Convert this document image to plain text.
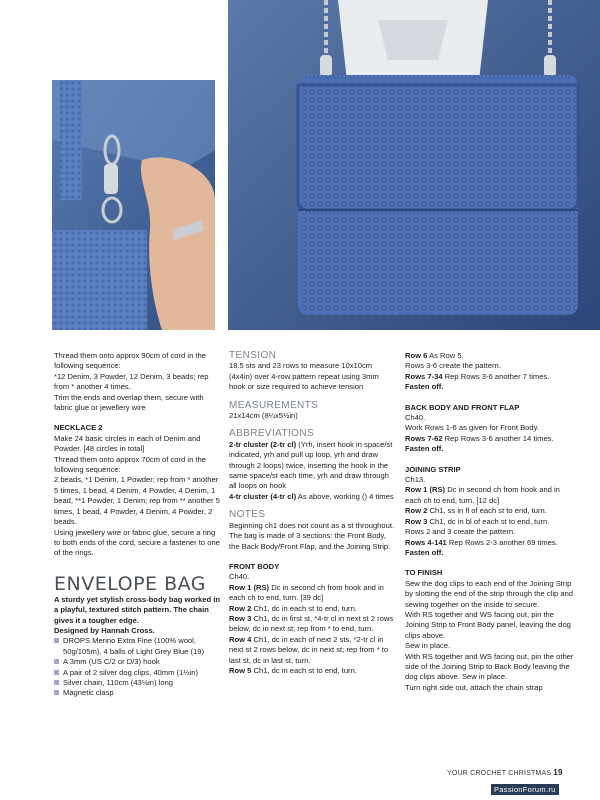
Thread them onto approx 90cm of cord in the following sequence:

*12 Denim, 3 Powder, 12 Denim, 3 beads; rep from * another 4 times.

Trim the ends and overlap them, secure with fabric glue or jewellery wire

NECKLACE 2

Make 24 basic circles in each of Denim and Powder. [48 circles in total]

Thread them onto approx 70cm of cord in the following sequence:

2 beads, *1 Denim, 1 Powder; rep from * another 5 times, 1 bead, 4 Denim, 4 Powder, 4 Denim, 1 bead, **1 Powder, 1 Denim; rep from ** another 5 times, 1 bead, 4 Powder, 4 Denim, 4 Powder, 2 beads.

Using jewellery wire or fabric glue, secure a ring to both ends of the cord, secure a fastener to one of the rings.

ENVELOPE BAG

A sturdy yet stylish cross-body bag worked in a playful, textured stitch pattern. The chain gives it a tougher edge.

Designed by Hannah Cross.

DROPS Merino Extra Fine (100% wool, 50g/105m), 4 balls of Light Grey Blue (19)

A 3mm (US C/2 or D/3) hook

A pair of 2 silver dog clips, 40mm (1½in)

Silver chain, 110cm (43½in) long

Magnetic clasp

TENSION

18.5 sts and 23 rows to measure 10x10cm (4x4in) over 4-row pattern repeat using 3mm hook or size required to achieve tension

MEASUREMENTS

21x14cm (8¼x5½in)

ABBREVIATIONS

2-tr cluster (2-tr cl) (Yrh, insert hook in space/st indicated, yrh and pull up loop, yrh and draw through 2 loops) twice, inserting the hook in the same space/st each time, yrh and draw through all loops on hook

4-tr cluster (4-tr cl) As above, working () 4 times

NOTES

Beginning ch1 does not count as a st throughout.

The bag is made of 3 sections: the Front Body, the Back Body/Front Flap, and the Joining Strip.

FRONT BODY

Ch40.

Row 1 (RS) Dc in second ch from hook and in each ch to end, turn. [39 dc]

Row 2 Ch1, dc in each st to end, turn.

Row 3 Ch1, dc in first st, *4-tr cl in next st 2 rows below, dc in next st; rep from * to end, turn.

Row 4 Ch1, dc in each of next 2 sts, *2-tr cl in next st 2 rows below, dc in next st; rep from * to last st, dc in last st, turn.

Row 5 Ch1, dc in each st to end, turn.

Row 6 As Row 5.

Rows 3-6 create the pattern.

Rows 7-34 Rep Rows 3-6 another 7 times.

Fasten off.

BACK BODY AND FRONT FLAP

Ch40.

Work Rows 1-6 as given for Front Body.

Rows 7-62 Rep Rows 3-6 another 14 times.

Fasten off.

JOINING STRIP

Ch13.

Row 1 (RS) Dc in second ch from hook and in each ch to end, turn. [12 dc]

Row 2 Ch1, ss in fl of each st to end, turn.

Row 3 Ch1, dc in bl of each st to end, turn.

Rows 2 and 3 create the pattern.

Rows 4-141 Rep Rows 2-3 another 69 times.

Fasten off.

TO FINISH

Sew the dog clips to each end of the Joining Strip by slotting the end of the strip through the clip and sewing together on the inside to secure.

With RS together and WS facing out, pin the Joining Strip to Front Body panel, leaving the dog clips above.

Sew in place.

With RS together and WS facing out, pin the other side of the Joining Strip to Back Body leaving the dog clips above. Sew in place.

Turn right side out, attach the chain strap

YOUR CROCHET CHRISTMAS 19
PassionForum.ru
